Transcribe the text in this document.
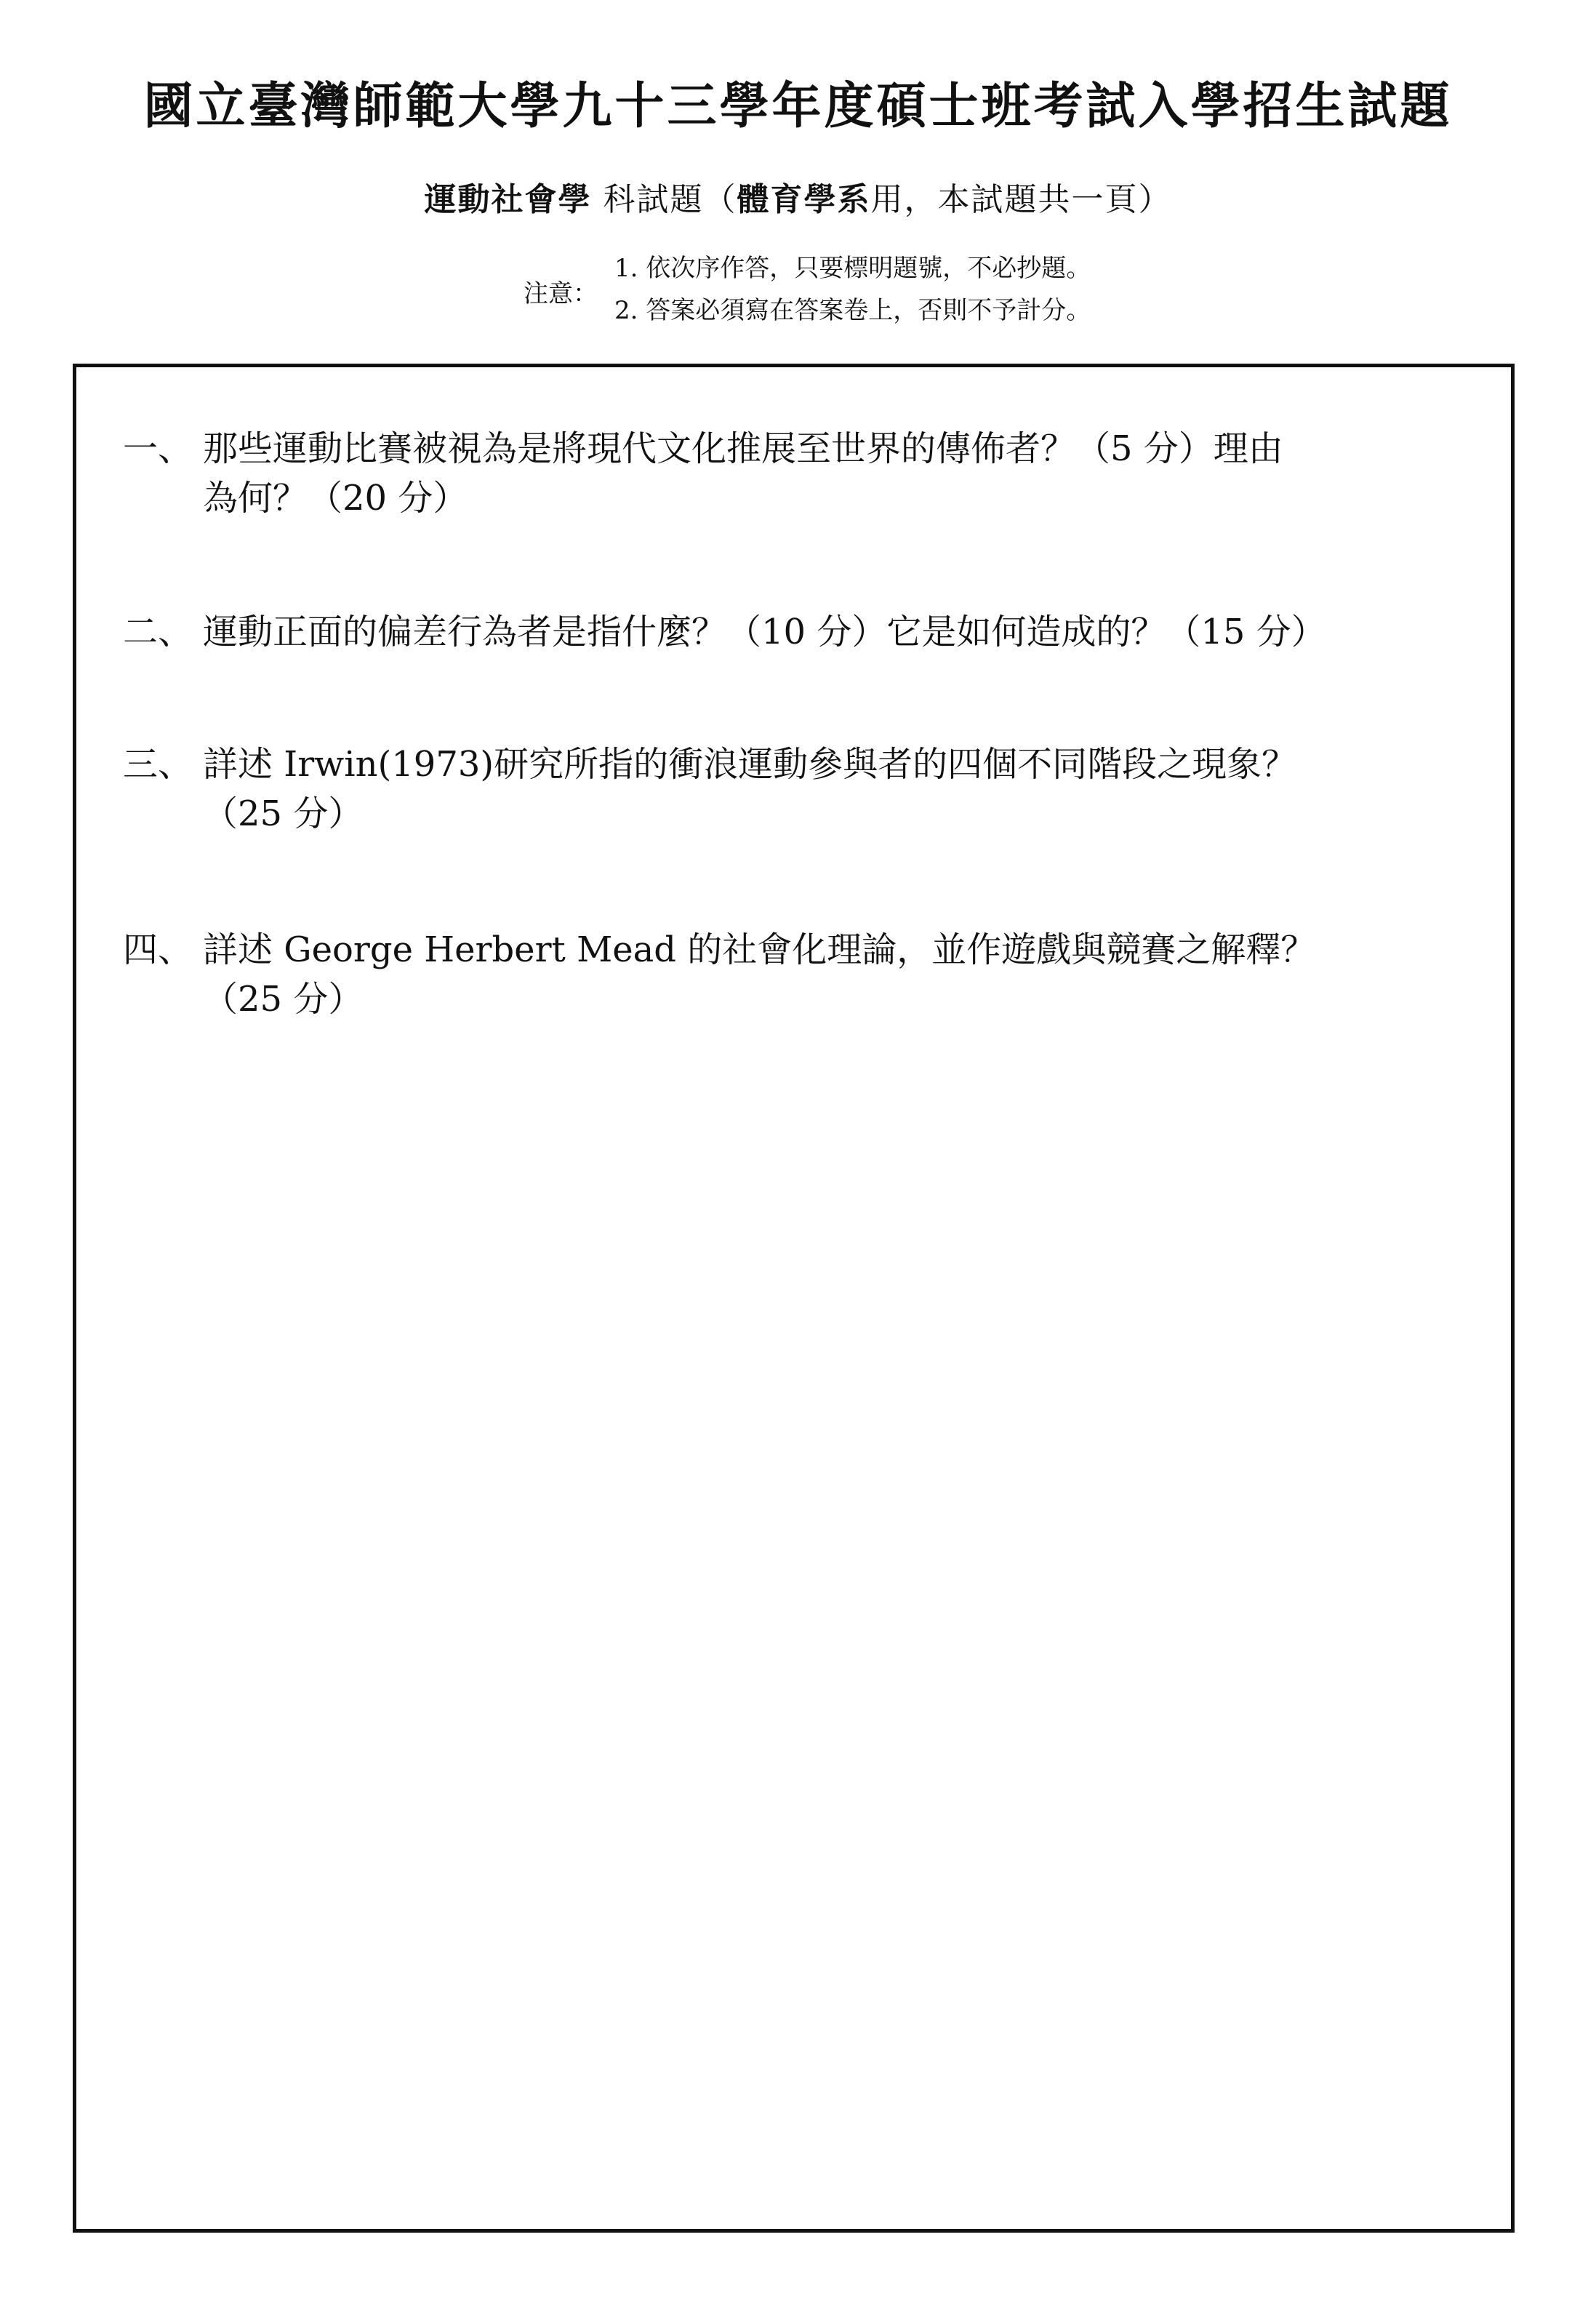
國立臺灣師範大學九十三學年度碩士班考試入學招生試題
運動社會學 科試題（體育學系用，本試題共一頁）
注意：
1. 依次序作答，只要標明題號，不必抄題。
2. 答案必須寫在答案卷上，否則不予計分。
一、 那些運動比賽被視為是將現代文化推展至世界的傳佈者？（5 分）理由
為何？（20 分）
二、 運動正面的偏差行為者是指什麼？（10 分）它是如何造成的？（15 分）
三、 詳述 Irwin(1973)研究所指的衝浪運動參與者的四個不同階段之現象？
（25 分）
四、 詳述 George Herbert Mead 的社會化理論，並作遊戲與競賽之解釋？
（25 分）
